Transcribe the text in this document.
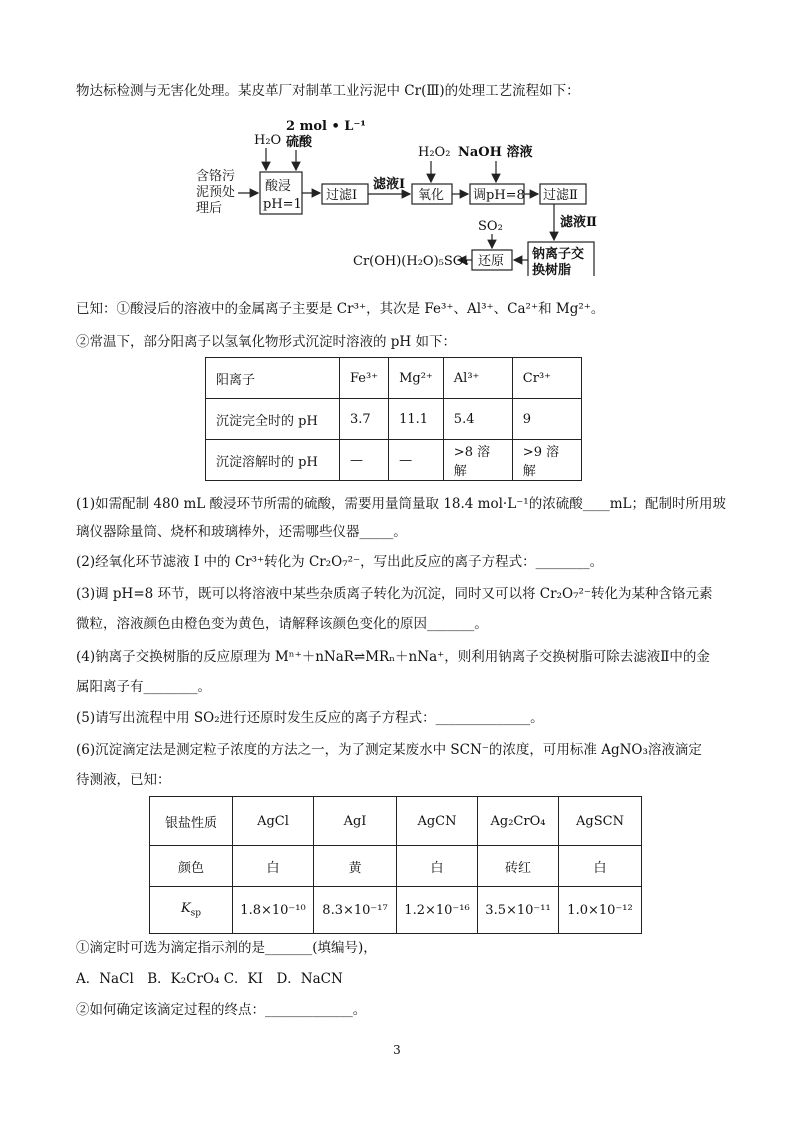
物达标检测与无害化处理。某皮革厂对制革工业污泥中 Cr(Ⅲ)的处理工艺流程如下：
含铬污
泥预处
理后
酸浸
pH=1
H₂O
2 mol • L⁻¹
硫酸
过滤Ⅰ
滤液Ⅰ
氧化
H₂O₂
调pH=8
NaOH 溶液
过滤Ⅱ
滤液Ⅱ
钠离子交
换树脂
还原
SO₂
Cr(OH)(H₂O)₅SO₄
已知：①酸浸后的溶液中的金属离子主要是 Cr³⁺，其次是 Fe³⁺、Al³⁺、Ca²⁺和 Mg²⁺。
②常温下，部分阳离子以氢氧化物形式沉淀时溶液的 pH 如下：
阳离子	Fe³⁺	Mg²⁺	Al³⁺	Cr³⁺
沉淀完全时的 pH	3.7	11.1	5.4	9
沉淀溶解时的 pH	—	—	>8 溶解	>9 溶解
(1)如需配制 480 mL 酸浸环节所需的硫酸，需要用量筒量取 18.4 mol·L⁻¹的浓硫酸____mL；配制时所用玻
璃仪器除量筒、烧杯和玻璃棒外，还需哪些仪器_____。
(2)经氧化环节滤液 I 中的 Cr³⁺转化为 Cr₂O₇²⁻，写出此反应的离子方程式：________。
(3)调 pH=8 环节，既可以将溶液中某些杂质离子转化为沉淀，同时又可以将 Cr₂O₇²⁻转化为某种含铬元素
微粒，溶液颜色由橙色变为黄色，请解释该颜色变化的原因_______。
(4)钠离子交换树脂的反应原理为 Mⁿ⁺＋nNaR⇌MRₙ＋nNa⁺，则利用钠离子交换树脂可除去滤液Ⅱ中的金
属阳离子有________。
(5)请写出流程中用 SO₂进行还原时发生反应的离子方程式：______________。
(6)沉淀滴定法是测定粒子浓度的方法之一，为了测定某废水中 SCN⁻的浓度，可用标准 AgNO₃溶液滴定
待测液，已知：
银盐性质	AgCl	AgI	AgCN	Ag₂CrO₄	AgSCN
颜色	白	黄	白	砖红	白
$K_{sp}$	1.8×10⁻¹⁰	8.3×10⁻¹⁷	1.2×10⁻¹⁶	3.5×10⁻¹¹	1.0×10⁻¹²
①滴定时可选为滴定指示剂的是_______(填编号)，
A．NaCl　B．K₂CrO₄ C．KI　D．NaCN
②如何确定该滴定过程的终点：_____________。
3
